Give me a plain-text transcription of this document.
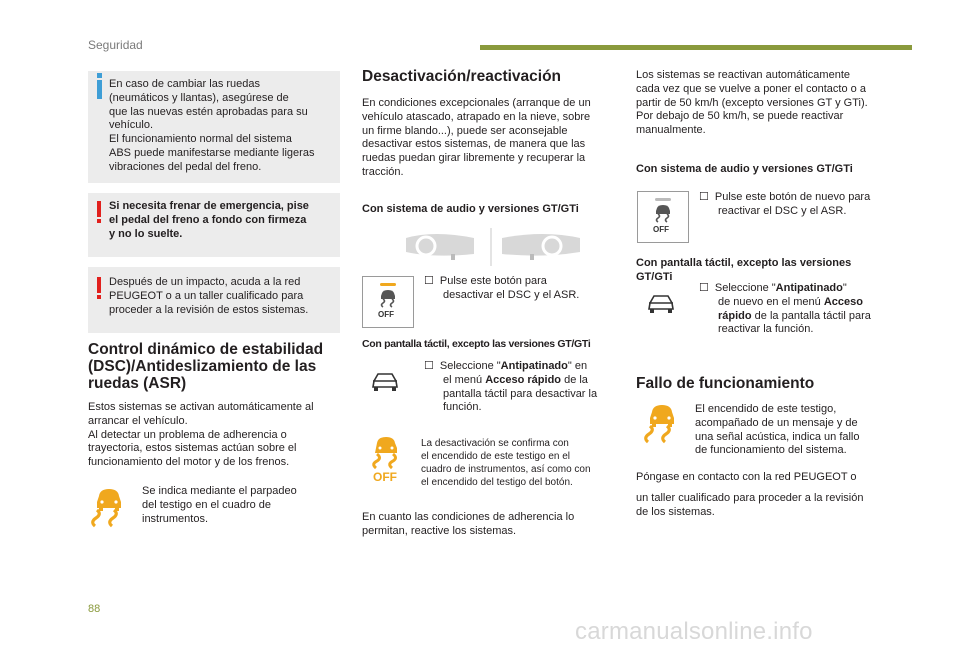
Seguridad
En caso de cambiar las ruedas
(neumáticos y llantas), asegúrese de
que las nuevas estén aprobadas para su
vehículo.
El funcionamiento normal del sistema
ABS puede manifestarse mediante ligeras
vibraciones del pedal del freno.
Si necesita frenar de emergencia, pise
el pedal del freno a fondo con firmeza
y no lo suelte.
Después de un impacto, acuda a la red
PEUGEOT o a un taller cualificado para
proceder a la revisión de estos sistemas.
Control dinámico de estabilidad
(DSC)/Antideslizamiento de las
ruedas (ASR)
Estos sistemas se activan automáticamente al
arrancar el vehículo.
Al detectar un problema de adherencia o
trayectoria, estos sistemas actúan sobre el
funcionamiento del motor y de los frenos.
Se indica mediante el parpadeo
del testigo en el cuadro de
instrumentos.
Desactivación/reactivación
En condiciones excepcionales (arranque de un
vehículo atascado, atrapado en la nieve, sobre
un firme blando...), puede ser aconsejable
desactivar estos sistemas, de manera que las
ruedas puedan girar libremente y recuperar la
tracción.
Con sistema de audio y versiones GT/GTi
OFF
☐ Pulse este botón para
desactivar el DSC y el ASR.
Con pantalla táctil, excepto las versiones GT/GTi
☐ Seleccione "Antipatinado" en
el menú Acceso rápido de la
pantalla táctil para desactivar la
función.
OFF
La desactivación se confirma con
el encendido de este testigo en el
cuadro de instrumentos, así como con
el encendido del testigo del botón.
En cuanto las condiciones de adherencia lo
permitan, reactive los sistemas.
Los sistemas se reactivan automáticamente
cada vez que se vuelve a poner el contacto o a
partir de 50 km/h (excepto versiones GT y GTi).
Por debajo de 50 km/h, se puede reactivar
manualmente.
Con sistema de audio y versiones GT/GTi
OFF
☐ Pulse este botón de nuevo para
reactivar el DSC y el ASR.
Con pantalla táctil, excepto las versiones
GT/GTi
☐ Seleccione "Antipatinado"
de nuevo en el menú Acceso
rápido de la pantalla táctil para
reactivar la función.
Fallo de funcionamiento
El encendido de este testigo,
acompañado de un mensaje y de
una señal acústica, indica un fallo
de funcionamiento del sistema.
Póngase en contacto con la red PEUGEOT o
un taller cualificado para proceder a la revisión
de los sistemas.
88
carmanualsonline.info
